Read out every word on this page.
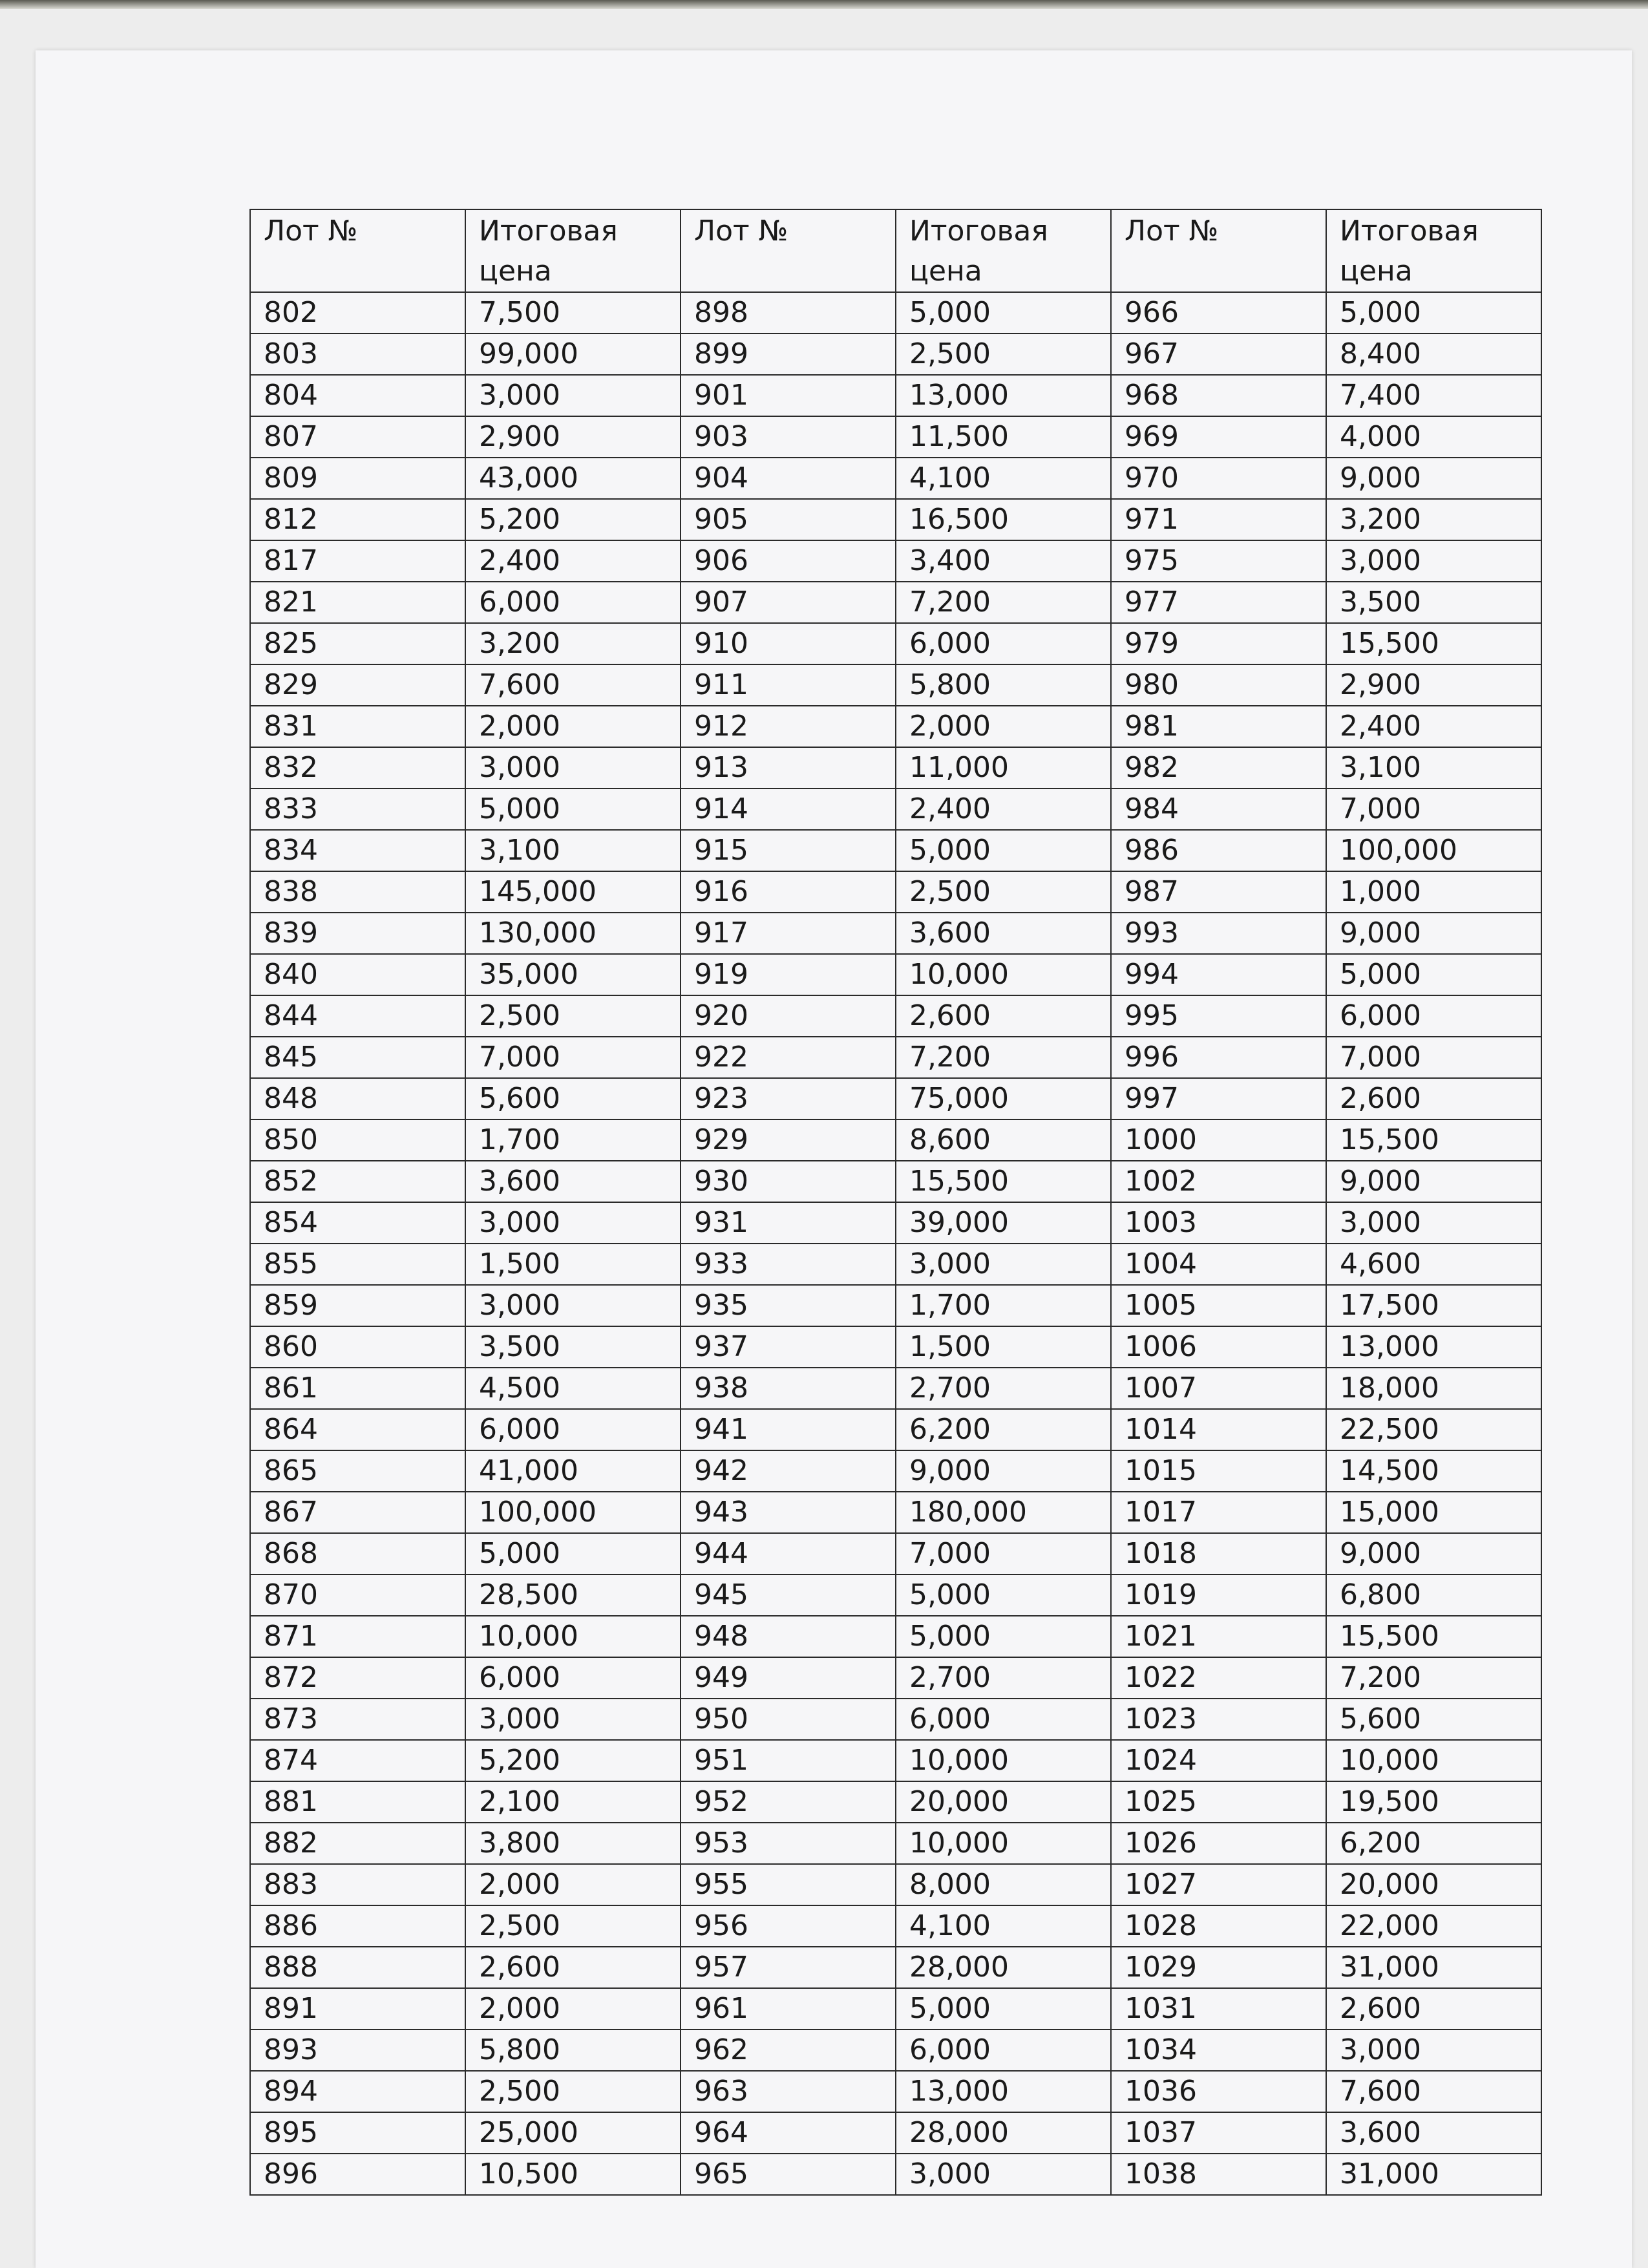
Лот №	Итоговая цена	Лот №	Итоговая цена	Лот №	Итоговая цена

802	7,500	898	5,000	966	5,000
803	99,000	899	2,500	967	8,400
804	3,000	901	13,000	968	7,400
807	2,900	903	11,500	969	4,000
809	43,000	904	4,100	970	9,000
812	5,200	905	16,500	971	3,200
817	2,400	906	3,400	975	3,000
821	6,000	907	7,200	977	3,500
825	3,200	910	6,000	979	15,500
829	7,600	911	5,800	980	2,900
831	2,000	912	2,000	981	2,400
832	3,000	913	11,000	982	3,100
833	5,000	914	2,400	984	7,000
834	3,100	915	5,000	986	100,000
838	145,000	916	2,500	987	1,000
839	130,000	917	3,600	993	9,000
840	35,000	919	10,000	994	5,000
844	2,500	920	2,600	995	6,000
845	7,000	922	7,200	996	7,000
848	5,600	923	75,000	997	2,600
850	1,700	929	8,600	1000	15,500
852	3,600	930	15,500	1002	9,000
854	3,000	931	39,000	1003	3,000
855	1,500	933	3,000	1004	4,600
859	3,000	935	1,700	1005	17,500
860	3,500	937	1,500	1006	13,000
861	4,500	938	2,700	1007	18,000
864	6,000	941	6,200	1014	22,500
865	41,000	942	9,000	1015	14,500
867	100,000	943	180,000	1017	15,000
868	5,000	944	7,000	1018	9,000
870	28,500	945	5,000	1019	6,800
871	10,000	948	5,000	1021	15,500
872	6,000	949	2,700	1022	7,200
873	3,000	950	6,000	1023	5,600
874	5,200	951	10,000	1024	10,000
881	2,100	952	20,000	1025	19,500
882	3,800	953	10,000	1026	6,200
883	2,000	955	8,000	1027	20,000
886	2,500	956	4,100	1028	22,000
888	2,600	957	28,000	1029	31,000
891	2,000	961	5,000	1031	2,600
893	5,800	962	6,000	1034	3,000
894	2,500	963	13,000	1036	7,600
895	25,000	964	28,000	1037	3,600
896	10,500	965	3,000	1038	31,000
